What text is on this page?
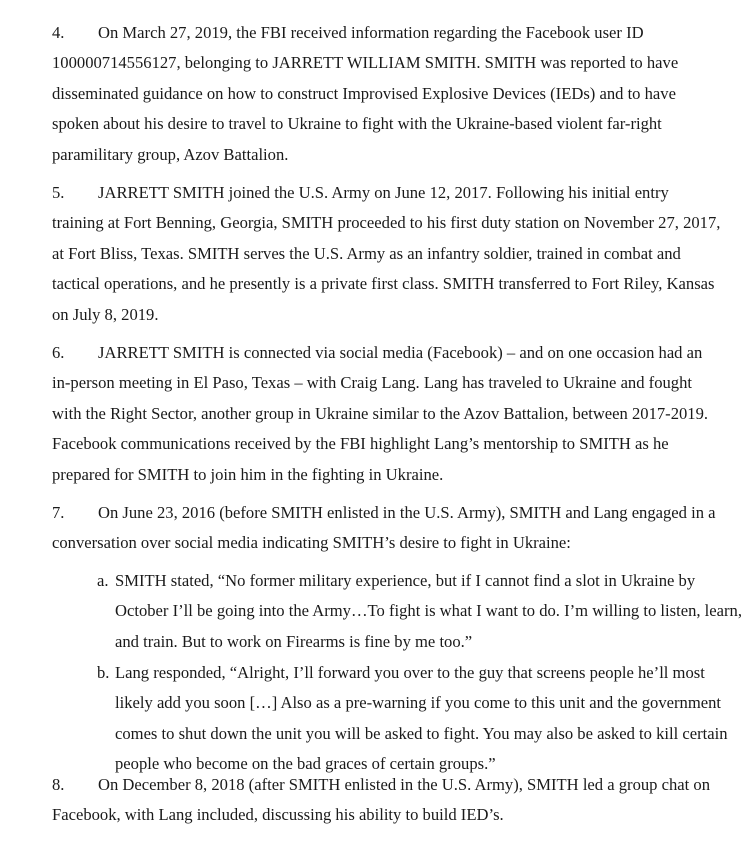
4. On March 27, 2019, the FBI received information regarding the Facebook user ID 100000714556127, belonging to JARRETT WILLIAM SMITH. SMITH was reported to have disseminated guidance on how to construct Improvised Explosive Devices (IEDs) and to have spoken about his desire to travel to Ukraine to fight with the Ukraine-based violent far-right paramilitary group, Azov Battalion.

5. JARRETT SMITH joined the U.S. Army on June 12, 2017. Following his initial entry training at Fort Benning, Georgia, SMITH proceeded to his first duty station on November 27, 2017, at Fort Bliss, Texas. SMITH serves the U.S. Army as an infantry soldier, trained in combat and tactical operations, and he presently is a private first class. SMITH transferred to Fort Riley, Kansas on July 8, 2019.

6. JARRETT SMITH is connected via social media (Facebook) – and on one occasion had an in-person meeting in El Paso, Texas – with Craig Lang. Lang has traveled to Ukraine and fought with the Right Sector, another group in Ukraine similar to the Azov Battalion, between 2017-2019. Facebook communications received by the FBI highlight Lang’s mentorship to SMITH as he prepared for SMITH to join him in the fighting in Ukraine.

7. On June 23, 2016 (before SMITH enlisted in the U.S. Army), SMITH and Lang engaged in a conversation over social media indicating SMITH’s desire to fight in Ukraine:

a. SMITH stated, “No former military experience, but if I cannot find a slot in Ukraine by October I’ll be going into the Army…To fight is what I want to do. I’m willing to listen, learn, and train. But to work on Firearms is fine by me too.”

b. Lang responded, “Alright, I’ll forward you over to the guy that screens people he’ll most likely add you soon […] Also as a pre-warning if you come to this unit and the government comes to shut down the unit you will be asked to fight. You may also be asked to kill certain people who become on the bad graces of certain groups.”

8. On December 8, 2018 (after SMITH enlisted in the U.S. Army), SMITH led a group chat on Facebook, with Lang included, discussing his ability to build IED’s.
